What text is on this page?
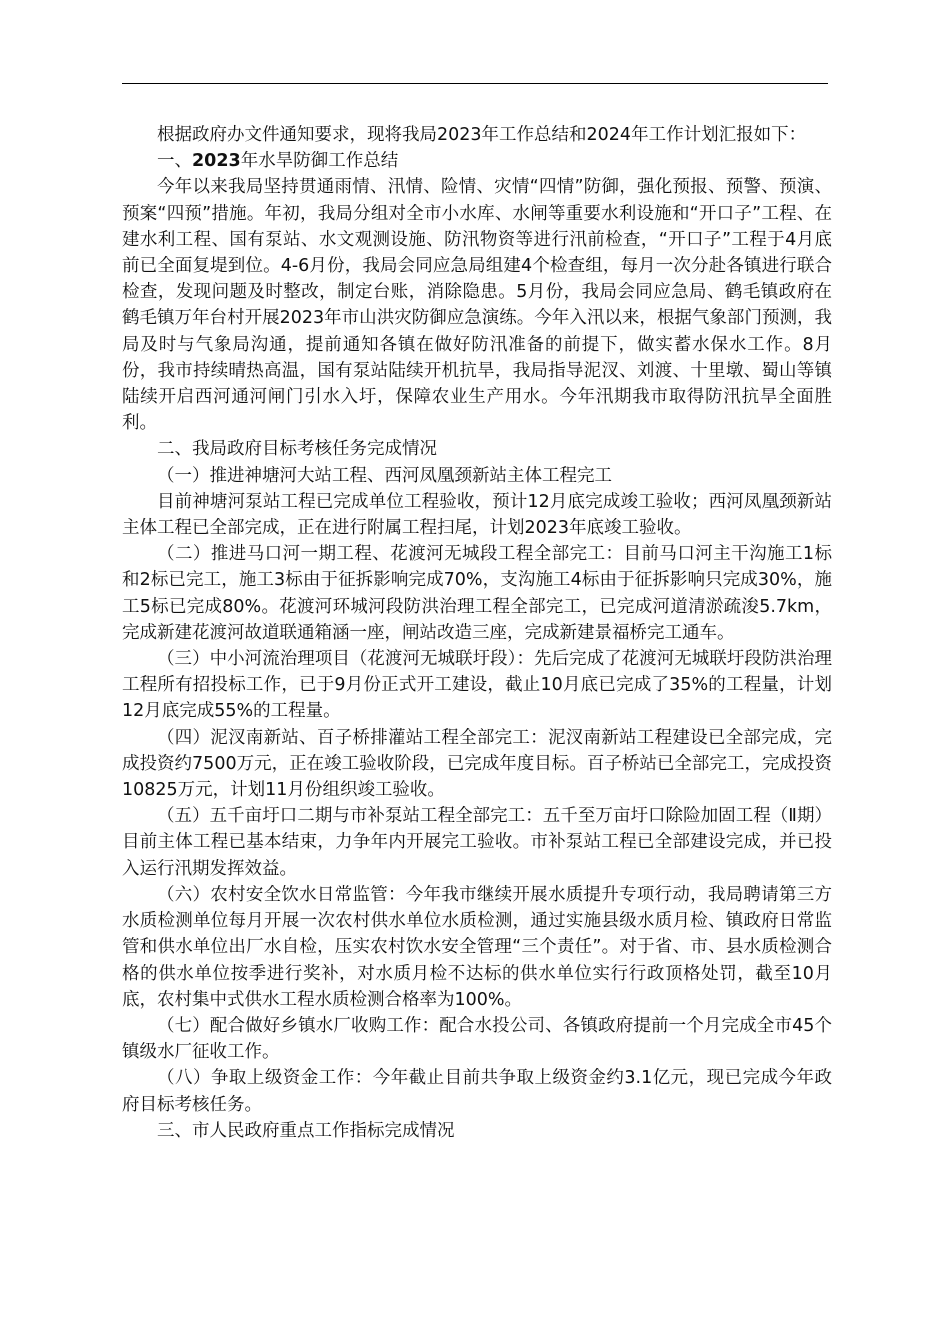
根据政府办文件通知要求，现将我局2023年工作总结和2024年工作计划汇报如下：

一、2023年水旱防御工作总结

今年以来我局坚持贯通雨情、汛情、险情、灾情“四情”防御，强化预报、预警、预演、预案“四预”措施。年初，我局分组对全市小水库、水闸等重要水利设施和“开口子”工程、在建水利工程、国有泵站、水文观测设施、防汛物资等进行汛前检查，“开口子”工程于4月底前已全面复堤到位。4-6月份，我局会同应急局组建4个检查组，每月一次分赴各镇进行联合检查，发现问题及时整改，制定台账，消除隐患。5月份，我局会同应急局、鹤毛镇政府在鹤毛镇万年台村开展2023年市山洪灾防御应急演练。今年入汛以来，根据气象部门预测，我局及时与气象局沟通，提前通知各镇在做好防汛准备的前提下，做实蓄水保水工作。8月份，我市持续晴热高温，国有泵站陆续开机抗旱，我局指导泥汊、刘渡、十里墩、蜀山等镇陆续开启西河通河闸门引水入圩，保障农业生产用水。今年汛期我市取得防汛抗旱全面胜利。

二、我局政府目标考核任务完成情况

（一）推进神塘河大站工程、西河凤凰颈新站主体工程完工

目前神塘河泵站工程已完成单位工程验收，预计12月底完成竣工验收；西河凤凰颈新站主体工程已全部完成，正在进行附属工程扫尾，计划2023年底竣工验收。

（二）推进马口河一期工程、花渡河无城段工程全部完工：目前马口河主干沟施工1标和2标已完工，施工3标由于征拆影响完成70%，支沟施工4标由于征拆影响只完成30%，施工5标已完成80%。花渡河环城河段防洪治理工程全部完工，已完成河道清淤疏浚5.7km，完成新建花渡河故道联通箱涵一座，闸站改造三座，完成新建景福桥完工通车。

（三）中小河流治理项目（花渡河无城联圩段）：先后完成了花渡河无城联圩段防洪治理工程所有招投标工作，已于9月份正式开工建设，截止10月底已完成了35%的工程量，计划12月底完成55%的工程量。

（四）泥汊南新站、百子桥排灌站工程全部完工：泥汊南新站工程建设已全部完成，完成投资约7500万元，正在竣工验收阶段，已完成年度目标。百子桥站已全部完工，完成投资10825万元，计划11月份组织竣工验收。

（五）五千亩圩口二期与市补泵站工程全部完工：五千至万亩圩口除险加固工程（Ⅱ期）目前主体工程已基本结束，力争年内开展完工验收。市补泵站工程已全部建设完成，并已投入运行汛期发挥效益。

（六）农村安全饮水日常监管：今年我市继续开展水质提升专项行动，我局聘请第三方水质检测单位每月开展一次农村供水单位水质检测，通过实施县级水质月检、镇政府日常监管和供水单位出厂水自检，压实农村饮水安全管理“三个责任”。对于省、市、县水质检测合格的供水单位按季进行奖补，对水质月检不达标的供水单位实行行政顶格处罚，截至10月底，农村集中式供水工程水质检测合格率为100%。

（七）配合做好乡镇水厂收购工作：配合水投公司、各镇政府提前一个月完成全市45个镇级水厂征收工作。

（八）争取上级资金工作：今年截止目前共争取上级资金约3.1亿元，现已完成今年政府目标考核任务。

三、市人民政府重点工作指标完成情况
